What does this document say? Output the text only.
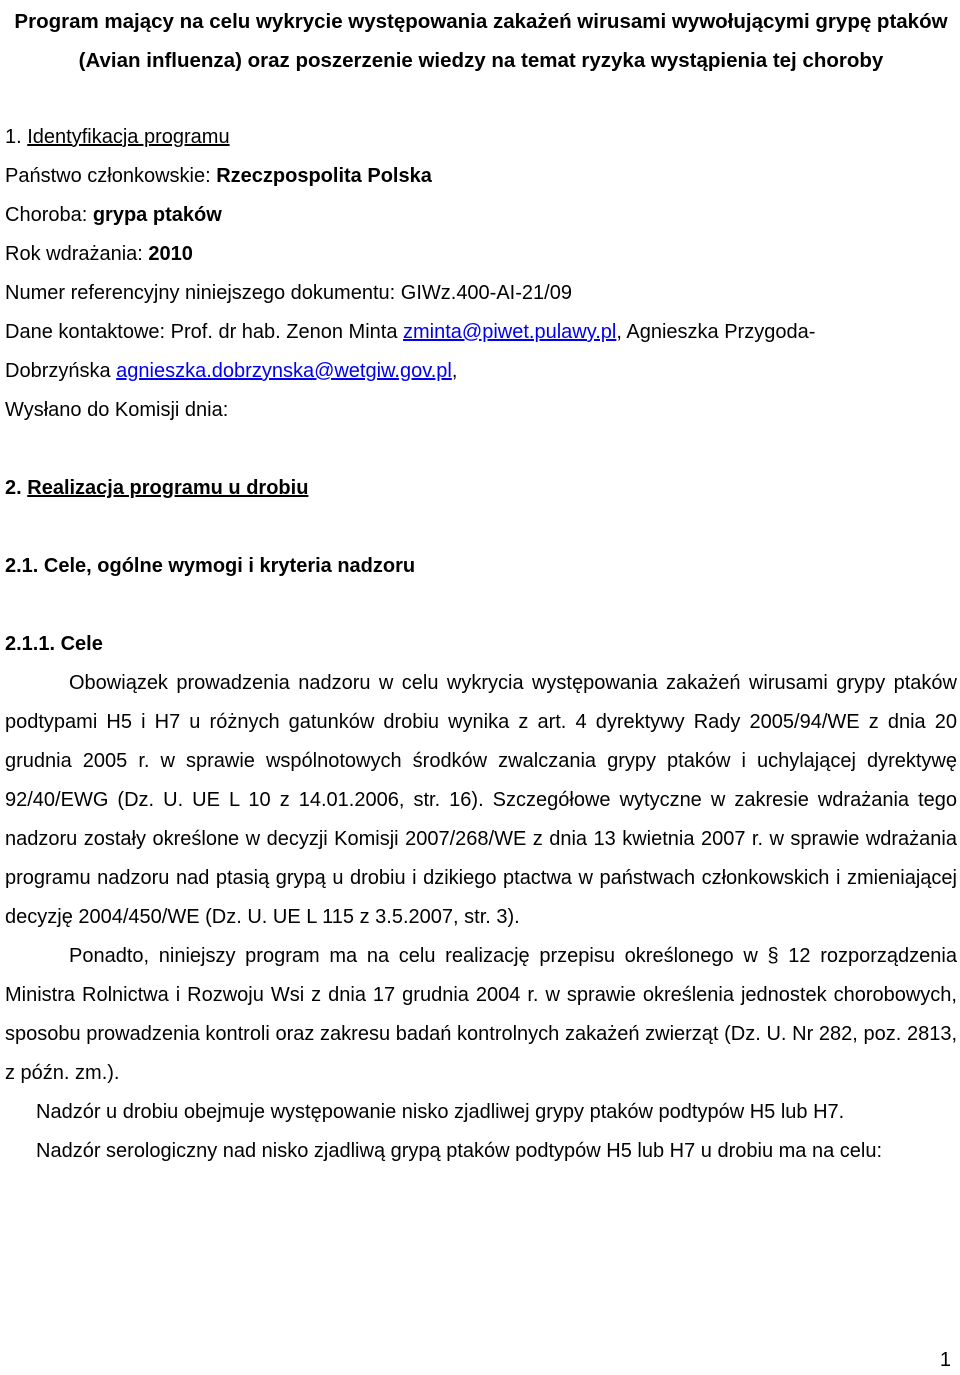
Program mający na celu wykrycie występowania zakażeń wirusami wywołującymi grypę ptaków (Avian influenza) oraz poszerzenie wiedzy na temat ryzyka wystąpienia tej choroby
1. Identyfikacja programu
Państwo członkowskie: Rzeczpospolita Polska
Choroba: grypa ptaków
Rok wdrażania: 2010
Numer referencyjny niniejszego dokumentu: GIWz.400-AI-21/09
Dane kontaktowe: Prof. dr hab. Zenon Minta zminta@piwet.pulawy.pl, Agnieszka Przygoda-
Dobrzyńska agnieszka.dobrzynska@wetgiw.gov.pl,
Wysłano do Komisji dnia:
2. Realizacja programu u drobiu
2.1. Cele, ogólne wymogi i kryteria nadzoru
2.1.1. Cele

Obowiązek prowadzenia nadzoru w celu wykrycia występowania zakażeń wirusami grypy ptaków podtypami H5 i H7 u różnych gatunków drobiu wynika z art. 4 dyrektywy Rady 2005/94/WE z dnia 20 grudnia 2005 r. w sprawie wspólnotowych środków zwalczania grypy ptaków i uchylającej dyrektywę 92/40/EWG (Dz. U. UE L 10 z 14.01.2006, str. 16). Szczegółowe wytyczne w zakresie wdrażania tego nadzoru zostały określone w decyzji Komisji 2007/268/WE z dnia 13 kwietnia 2007 r. w sprawie wdrażania programu nadzoru nad ptasią grypą u drobiu i dzikiego ptactwa w państwach członkowskich i zmieniającej decyzję 2004/450/WE (Dz. U. UE L 115 z 3.5.2007, str. 3).

Ponadto, niniejszy program ma na celu realizację przepisu określonego w § 12 rozporządzenia Ministra Rolnictwa i Rozwoju Wsi z dnia 17 grudnia 2004 r. w sprawie określenia jednostek chorobowych, sposobu prowadzenia kontroli oraz zakresu badań kontrolnych zakażeń zwierząt (Dz. U. Nr 282, poz. 2813, z późn. zm.).

Nadzór u drobiu obejmuje występowanie nisko zjadliwej grypy ptaków podtypów H5 lub H7.

Nadzór serologiczny nad nisko zjadliwą grypą ptaków podtypów H5 lub H7 u drobiu ma na celu:

1
